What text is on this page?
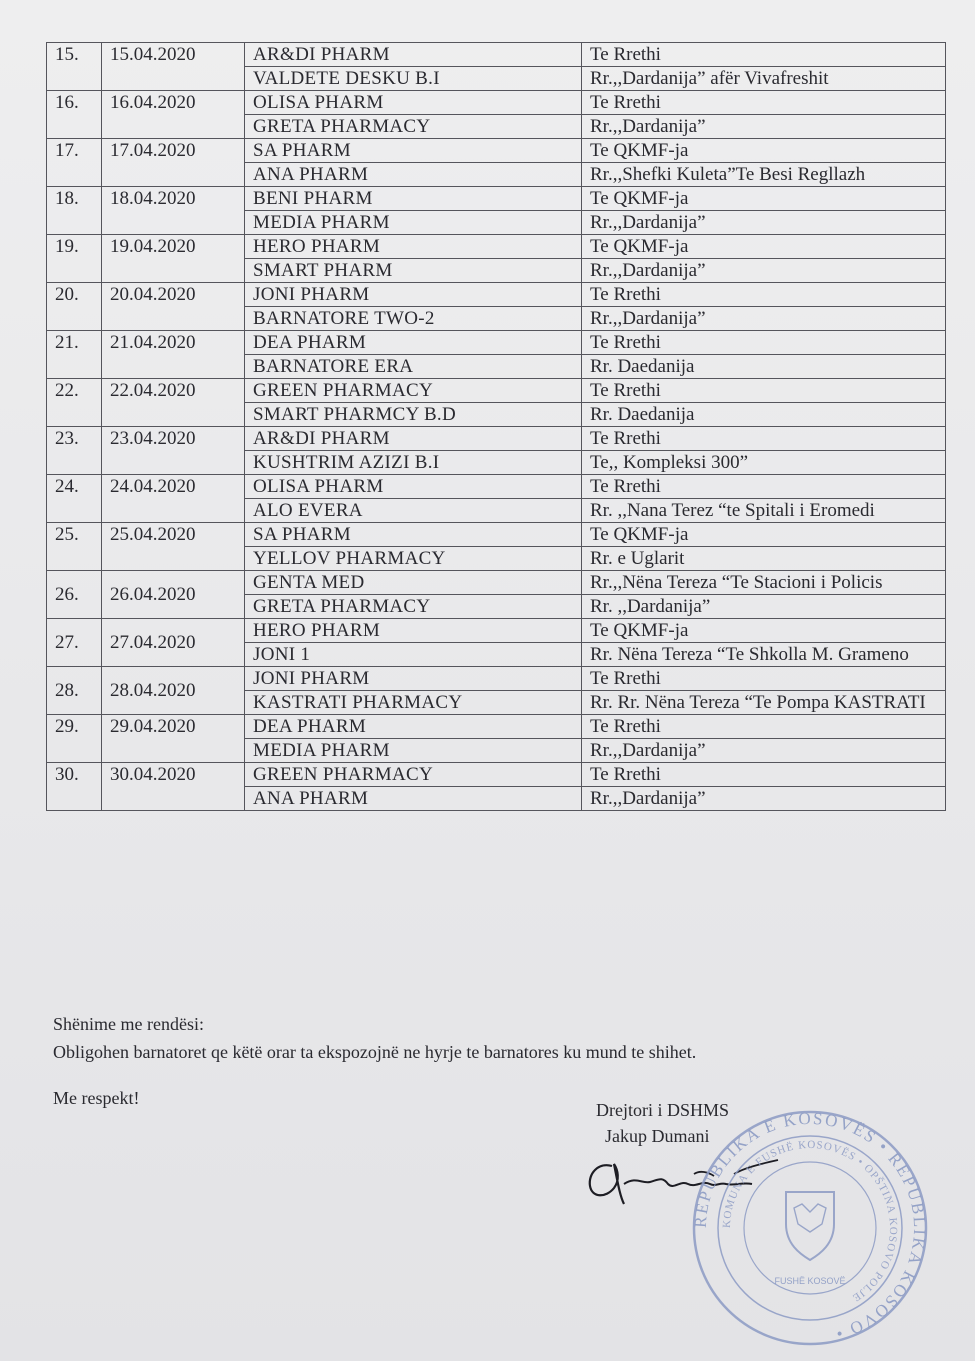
15.	15.04.2020	AR&DI PHARM	Te Rrethi
		VALDETE DESKU B.I	Rr.,,Dardanija” afër Vivafreshit
16.	16.04.2020	OLISA PHARM	Te Rrethi
		GRETA PHARMACY	Rr.,,Dardanija”
17.	17.04.2020	SA PHARM	Te QKMF-ja
		ANA PHARM	Rr.,,Shefki Kuleta”Te Besi Regllazh
18.	18.04.2020	BENI PHARM	Te QKMF-ja
		MEDIA PHARM	Rr.,,Dardanija”
19.	19.04.2020	HERO PHARM	Te QKMF-ja
		SMART PHARM	Rr.,,Dardanija”
20.	20.04.2020	JONI PHARM	Te Rrethi
		BARNATORE TWO-2	Rr.,,Dardanija”
21.	21.04.2020	DEA PHARM	Te Rrethi
		BARNATORE ERA	Rr. Daedanija
22.	22.04.2020	GREEN PHARMACY	Te Rrethi
		SMART PHARMCY B.D	Rr. Daedanija
23.	23.04.2020	AR&DI PHARM	Te Rrethi
		KUSHTRIM AZIZI B.I	Te,, Kompleksi 300”
24.	24.04.2020	OLISA PHARM	Te Rrethi
		ALO EVERA	Rr. ,,Nana Terez “te Spitali i Eromedi
25.	25.04.2020	SA PHARM	Te QKMF-ja
		YELLOV PHARMACY	Rr. e Uglarit
26.	26.04.2020	GENTA MED	Rr.,,Nëna Tereza “Te Stacioni i Policis
		GRETA PHARMACY	Rr. ,,Dardanija”
27.	27.04.2020	HERO PHARM	Te QKMF-ja
		JONI 1	Rr. Nëna Tereza “Te Shkolla M. Grameno
28.	28.04.2020	JONI PHARM	Te Rrethi
		KASTRATI PHARMACY	Rr. Rr. Nëna Tereza “Te Pompa KASTRATI
29.	29.04.2020	DEA PHARM	Te Rrethi
		MEDIA PHARM	Rr.,,Dardanija”
30.	30.04.2020	GREEN PHARMACY	Te Rrethi
		ANA PHARM	Rr.,,Dardanija”
Shënime me rendësi:
Obligohen barnatoret qe këtë orar ta ekspozojnë ne hyrje te barnatores ku mund te shihet.
Me respekt!
Drejtori i DSHMS
Jakup Dumani
REPUBLIKA E KOSOVËS • REPUBLIKA KOSOVO •
KOMUNA E FUSHË KOSOVËS • OPŠTINA KOSOVO POLJE
FUSHË KOSOVË
